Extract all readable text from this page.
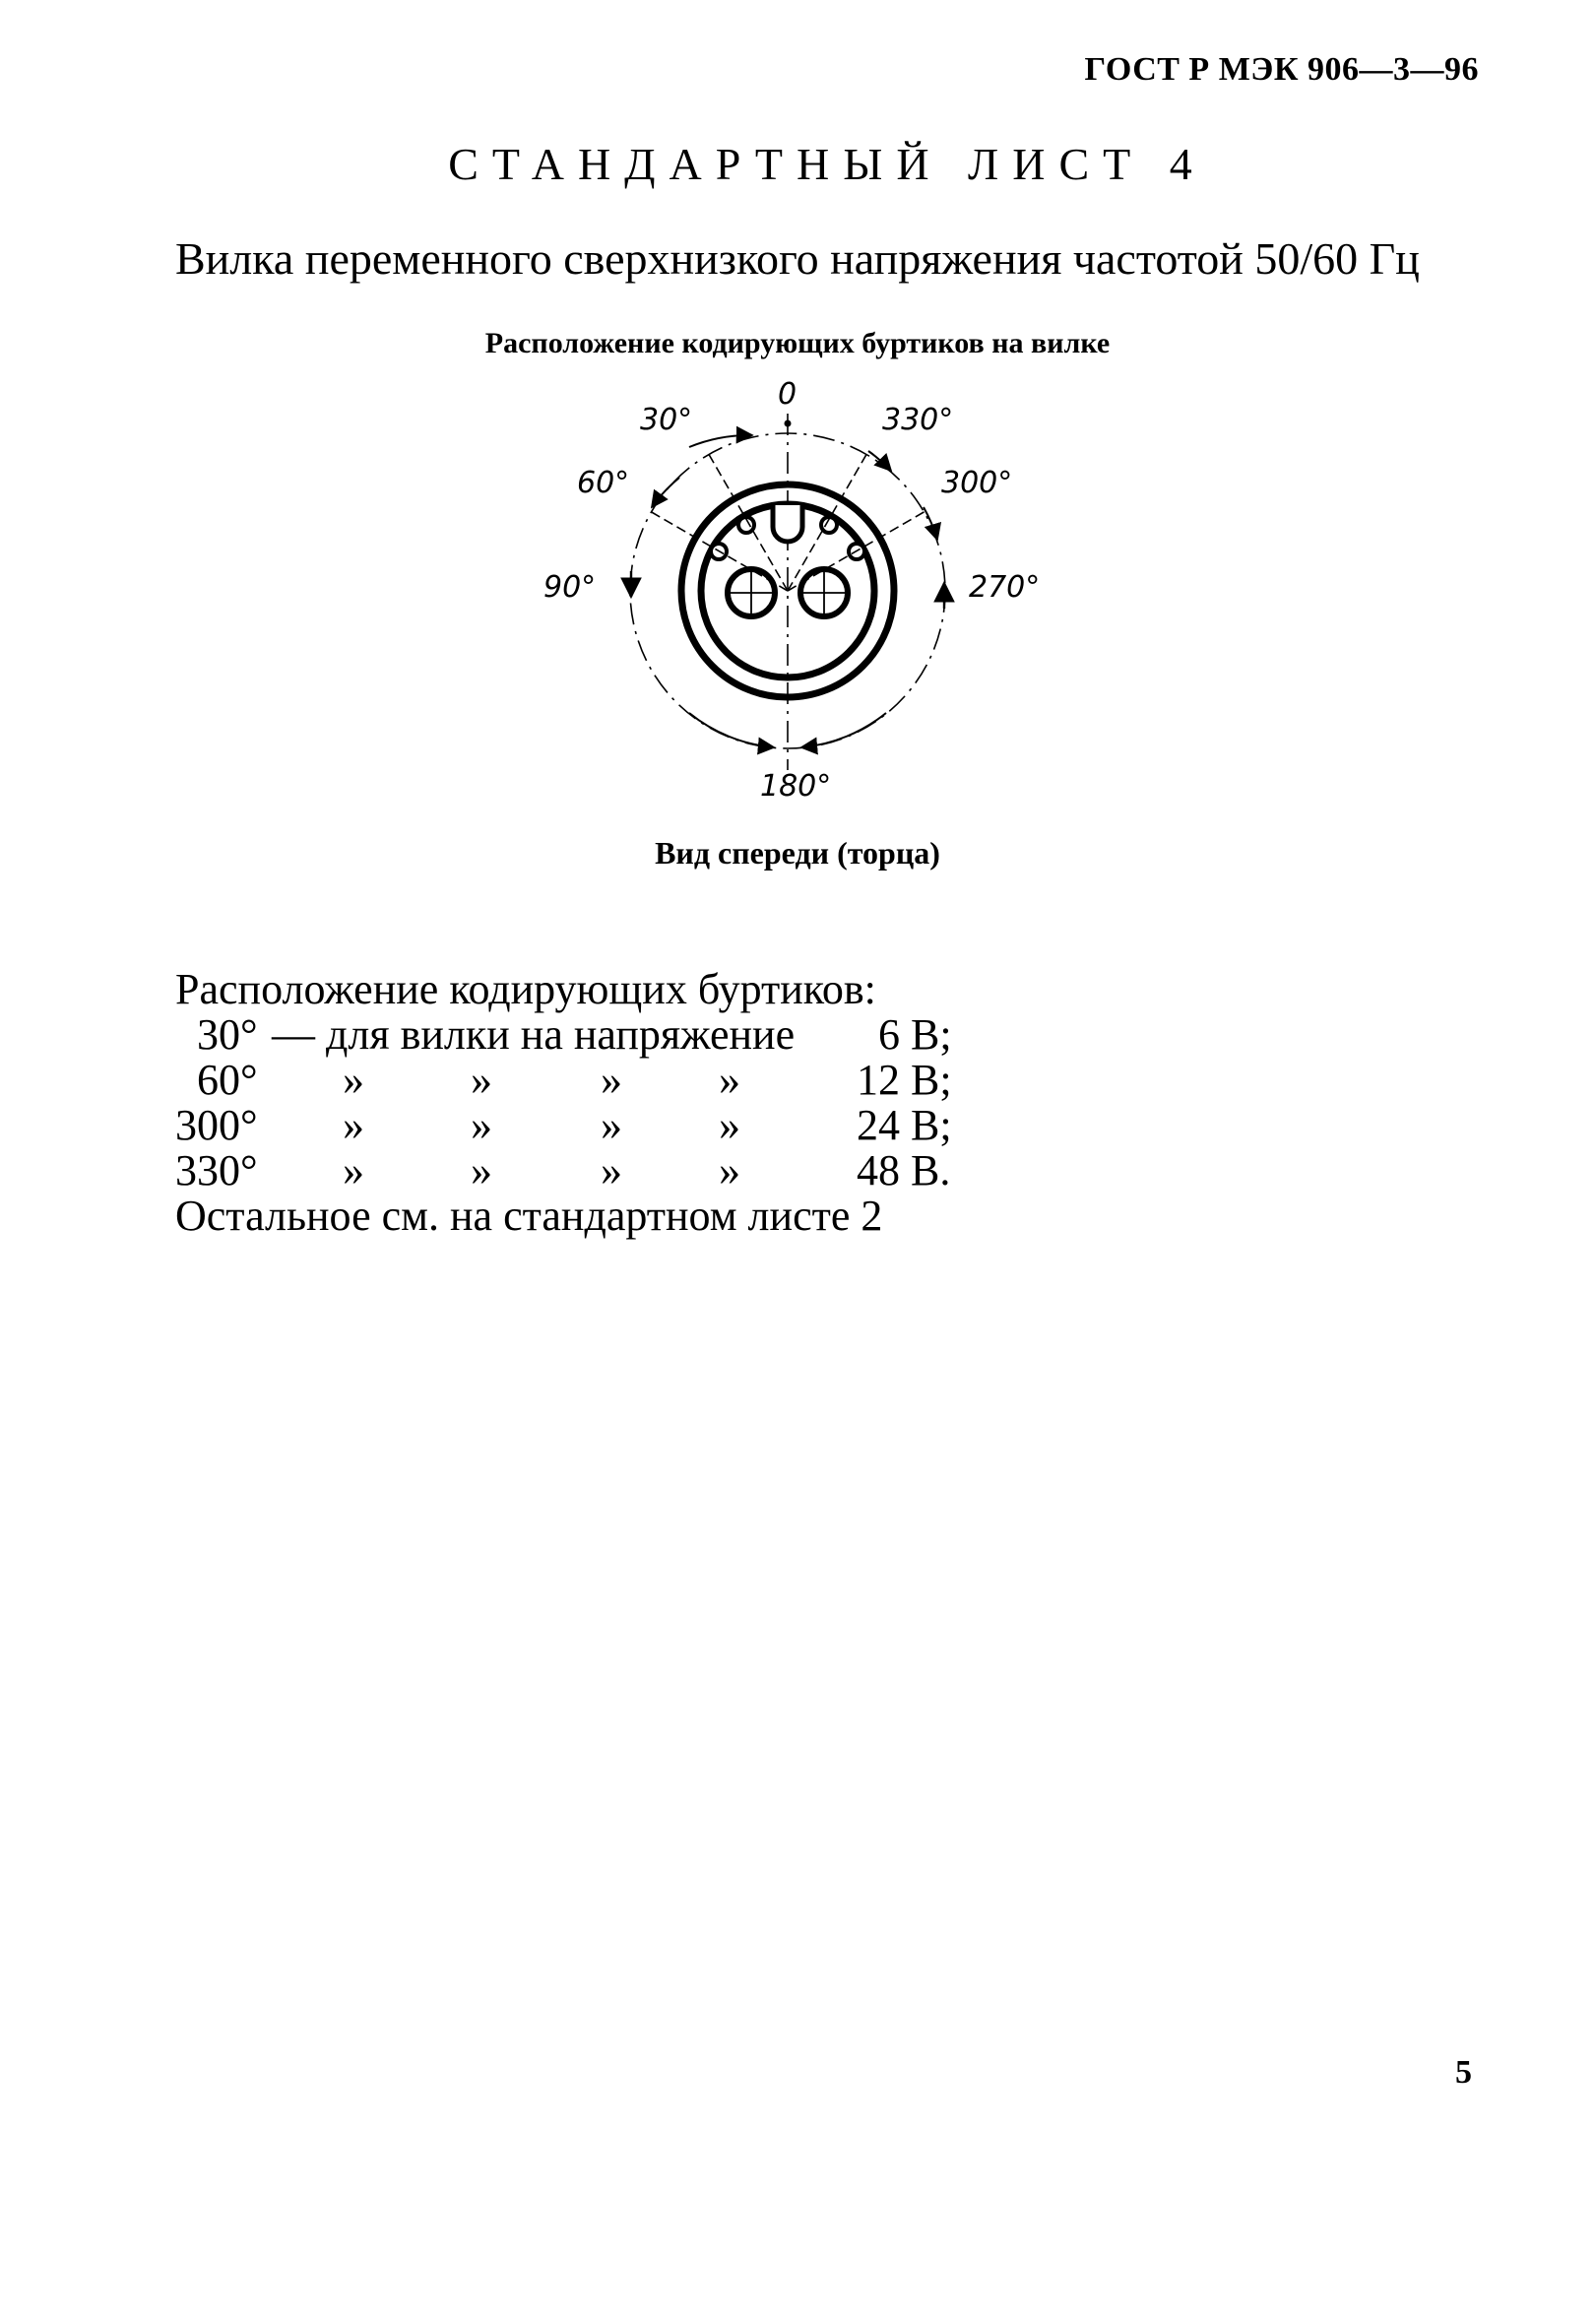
ГОСТ Р МЭК 906—3—96
СТАНДАРТНЫЙ ЛИСТ 4
Вилка переменного сверхнизкого напряжения частотой 50/60 Гц
Расположение кодирующих буртиков на вилке
0
30°	330°
60°	300°
90°	270°
180°
Вид спереди (торца)
Расположение кодирующих буртиков:
30° — для вилки на напряжение 6 В;
60° » »	» »	12 В;
300° » »	» »	24 В;
330° » »	» »	48 В.
Остальное см. на стандартном листе 2
5
